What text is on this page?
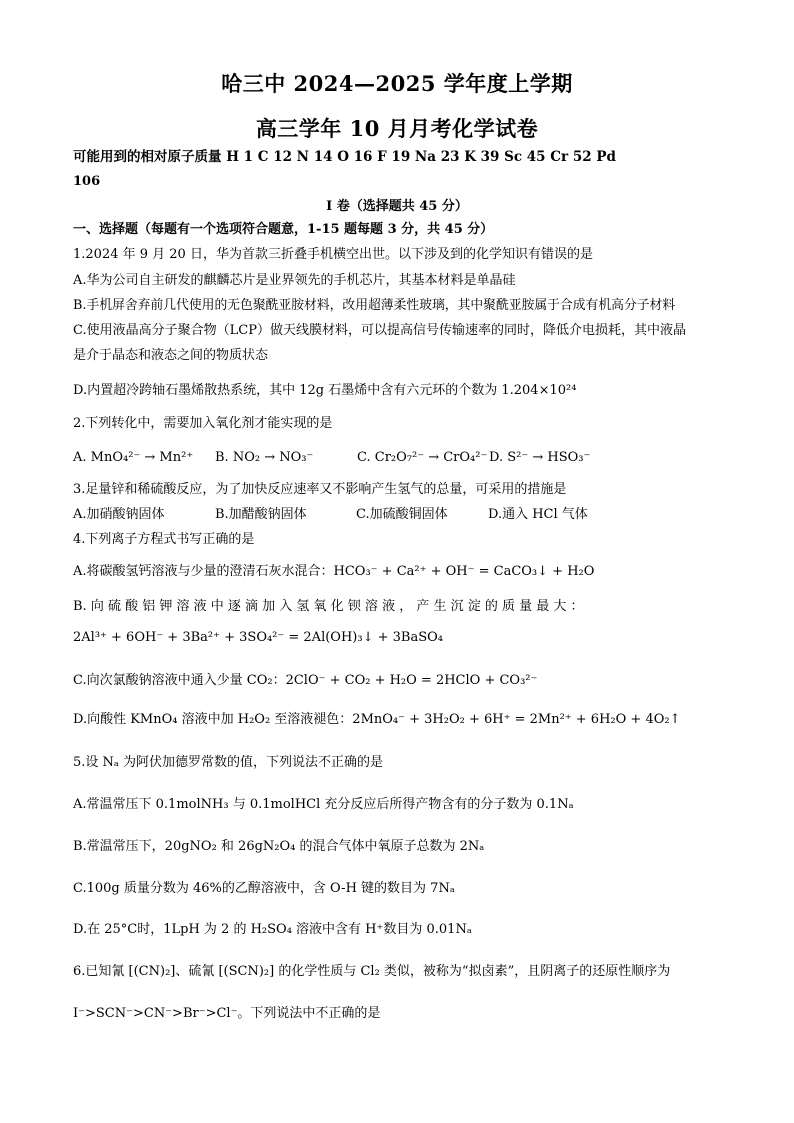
哈三中 2024—2025 学年度上学期
高三学年 10 月月考化学试卷
可能用到的相对原子质量 H 1 C 12 N 14 O 16 F 19 Na 23 K 39 Sc 45 Cr 52 Pd
106
I 卷（选择题共 45 分）
一、选择题（每题有一个选项符合题意，1-15 题每题 3 分，共 45 分）
1.2024 年 9 月 20 日，华为首款三折叠手机横空出世。以下涉及到的化学知识有错误的是
A.华为公司自主研发的麒麟芯片是业界领先的手机芯片，其基本材料是单晶硅
B.手机屏舍弃前几代使用的无色聚酰亚胺材料，改用超薄柔性玻璃，其中聚酰亚胺属于合成有机高分子材料
C.使用液晶高分子聚合物（LCP）做天线膜材料，可以提高信号传输速率的同时，降低介电损耗，其中液晶
是介于晶态和液态之间的物质状态
D.内置超冷跨轴石墨烯散热系统，其中 12g 石墨烯中含有六元环的个数为 1.204×10²⁴
2.下列转化中，需要加入氧化剂才能实现的是
A. MnO₄²⁻ → Mn²⁺ B. NO₂ → NO₃⁻	C. Cr₂O₇²⁻ → CrO₄²⁻ D. S²⁻ → HSO₃⁻
3.足量锌和稀硫酸反应，为了加快反应速率又不影响产生氢气的总量，可采用的措施是
A.加硝酸钠固体	B.加醋酸钠固体	C.加硫酸铜固体	D.通入 HCl 气体
4.下列离子方程式书写正确的是
A.将碳酸氢钙溶液与少量的澄清石灰水混合：HCO₃⁻ + Ca²⁺ + OH⁻ = CaCO₃↓ + H₂O
B. 向 硫 酸 铝 钾 溶 液 中 逐 滴 加 入 氢 氧 化 钡 溶 液 ， 产 生 沉 淀 的 质 量 最 大 ：
2Al³⁺ + 6OH⁻ + 3Ba²⁺ + 3SO₄²⁻ = 2Al(OH)₃↓ + 3BaSO₄
C.向次氯酸钠溶液中通入少量 CO₂：2ClO⁻ + CO₂ + H₂O = 2HClO + CO₃²⁻
D.向酸性 KMnO₄ 溶液中加 H₂O₂ 至溶液褪色：2MnO₄⁻ + 3H₂O₂ + 6H⁺ = 2Mn²⁺ + 6H₂O + 4O₂↑
5.设 Nₐ 为阿伏加德罗常数的值，下列说法不正确的是
A.常温常压下 0.1molNH₃ 与 0.1molHCl 充分反应后所得产物含有的分子数为 0.1Nₐ
B.常温常压下，20gNO₂ 和 26gN₂O₄ 的混合气体中氧原子总数为 2Nₐ
C.100g 质量分数为 46%的乙醇溶液中，含 O-H 键的数目为 7Nₐ
D.在 25°C时，1LpH 为 2 的 H₂SO₄ 溶液中含有 H⁺数目为 0.01Nₐ
6.已知氰 [(CN)₂]、硫氰 [(SCN)₂] 的化学性质与 Cl₂ 类似，被称为“拟卤素”，且阴离子的还原性顺序为
I⁻>SCN⁻>CN⁻>Br⁻>Cl⁻。下列说法中不正确的是
